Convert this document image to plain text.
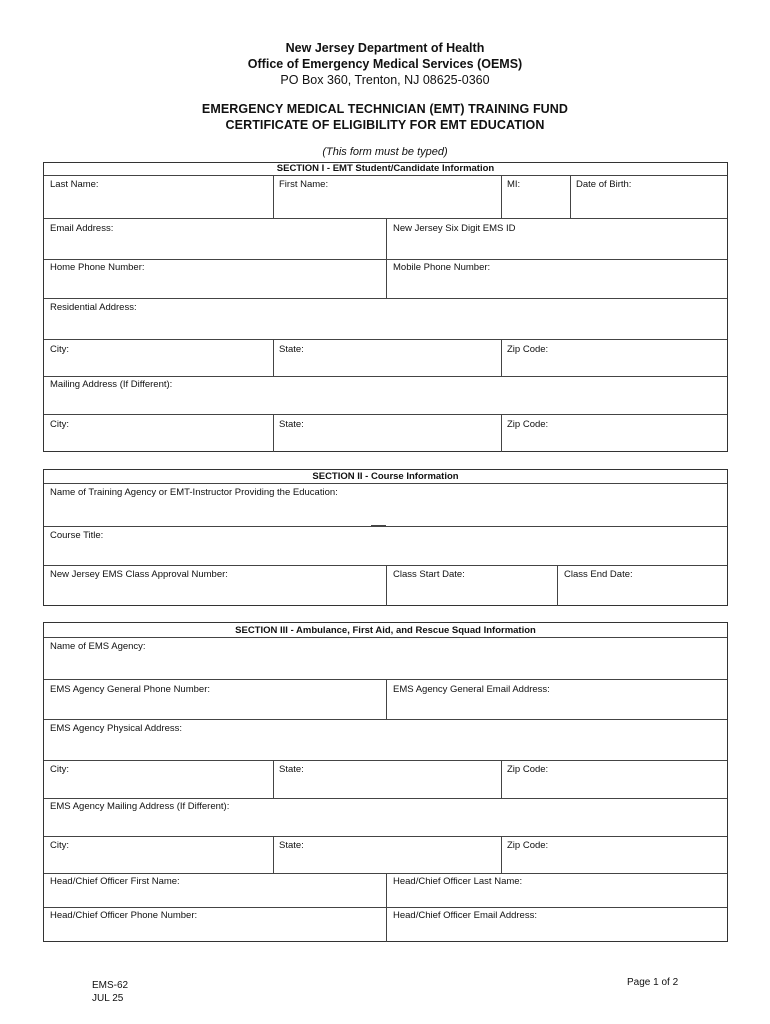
New Jersey Department of Health
Office of Emergency Medical Services (OEMS)
PO Box 360, Trenton, NJ 08625-0360
EMERGENCY MEDICAL TECHNICIAN (EMT) TRAINING FUND
CERTIFICATE OF ELIGIBILITY FOR EMT EDUCATION
(This form must be typed)
SECTION I - EMT Student/Candidate Information
Last Name:	First Name:	MI:	Date of Birth:
Email Address:	New Jersey Six Digit EMS ID
Home Phone Number:	Mobile Phone Number:
Residential Address:
City:	State:	Zip Code:
Mailing Address (If Different):
City:	State:	Zip Code:
SECTION II - Course Information
Name of Training Agency or EMT-Instructor Providing the Education:
Course Title:
New Jersey EMS Class Approval Number:	Class Start Date:	Class End Date:
SECTION III - Ambulance, First Aid, and Rescue Squad Information
Name of EMS Agency:
EMS Agency General Phone Number:	EMS Agency General Email Address:
EMS Agency Physical Address:
City:	State:	Zip Code:
EMS Agency Mailing Address (If Different):
City:	State:	Zip Code:
Head/Chief Officer First Name:	Head/Chief Officer Last Name:
Head/Chief Officer Phone Number:	Head/Chief Officer Email Address:
EMS-62
JUL 25
Page 1 of 2
